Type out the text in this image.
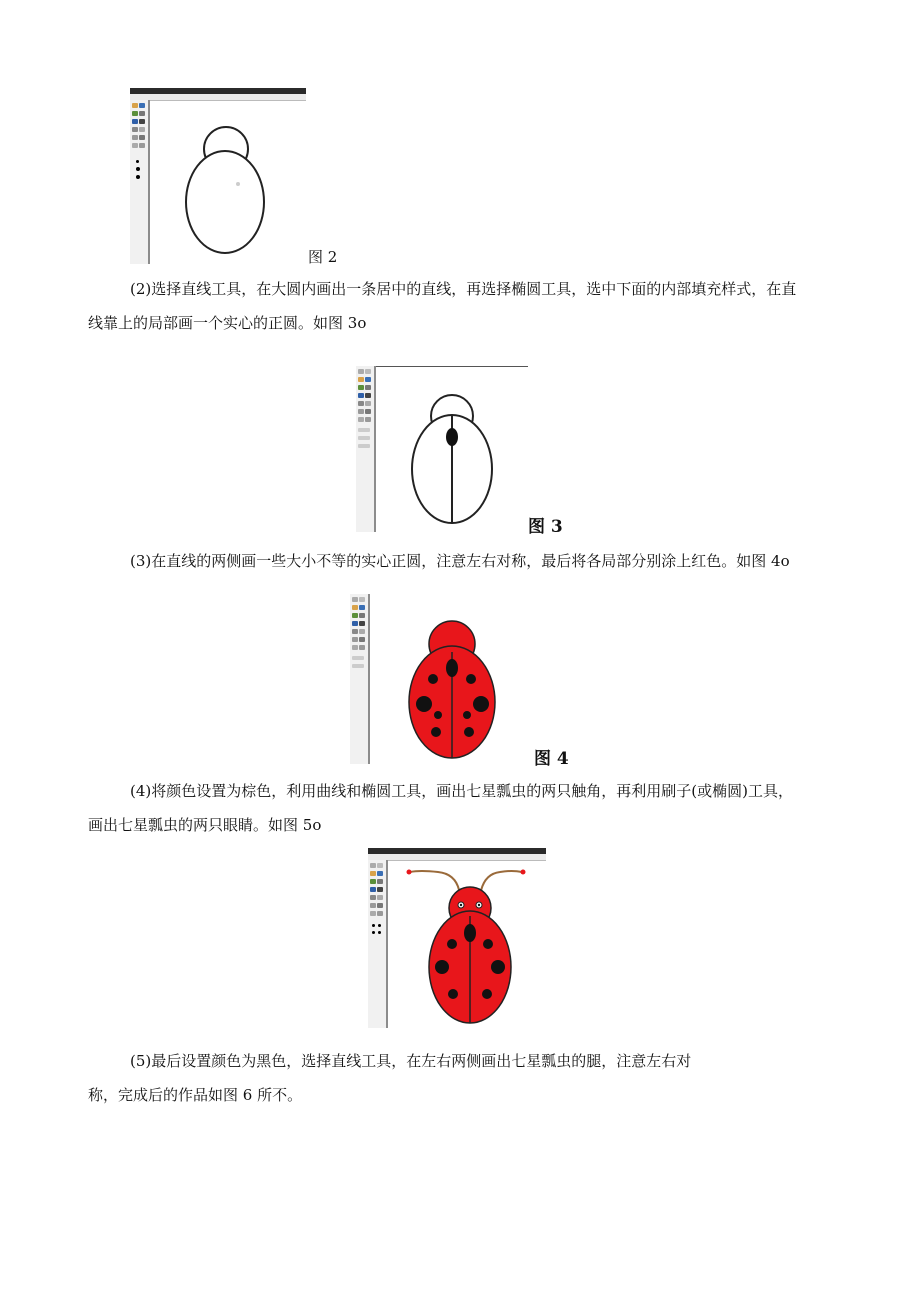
图 2
(2)选择直线工具，在大圆内画出一条居中的直线，再选择椭圆工具，选中下面的内部填充样式，在直
线靠上的局部画一个实心的正圆。如图 3o
图 3
(3)在直线的两侧画一些大小不等的实心正圆，注意左右对称，最后将各局部分别涂上红色。如图 4o
图 4
(4)将颜色设置为棕色，利用曲线和椭圆工具，画出七星瓢虫的两只触角，再利用刷子(或椭圆)工具，
画出七星瓢虫的两只眼睛。如图 5o
(5)最后设置颜色为黑色，选择直线工具，在左右两侧画出七星瓢虫的腿，注意左右对
称，完成后的作品如图 6 所不。
